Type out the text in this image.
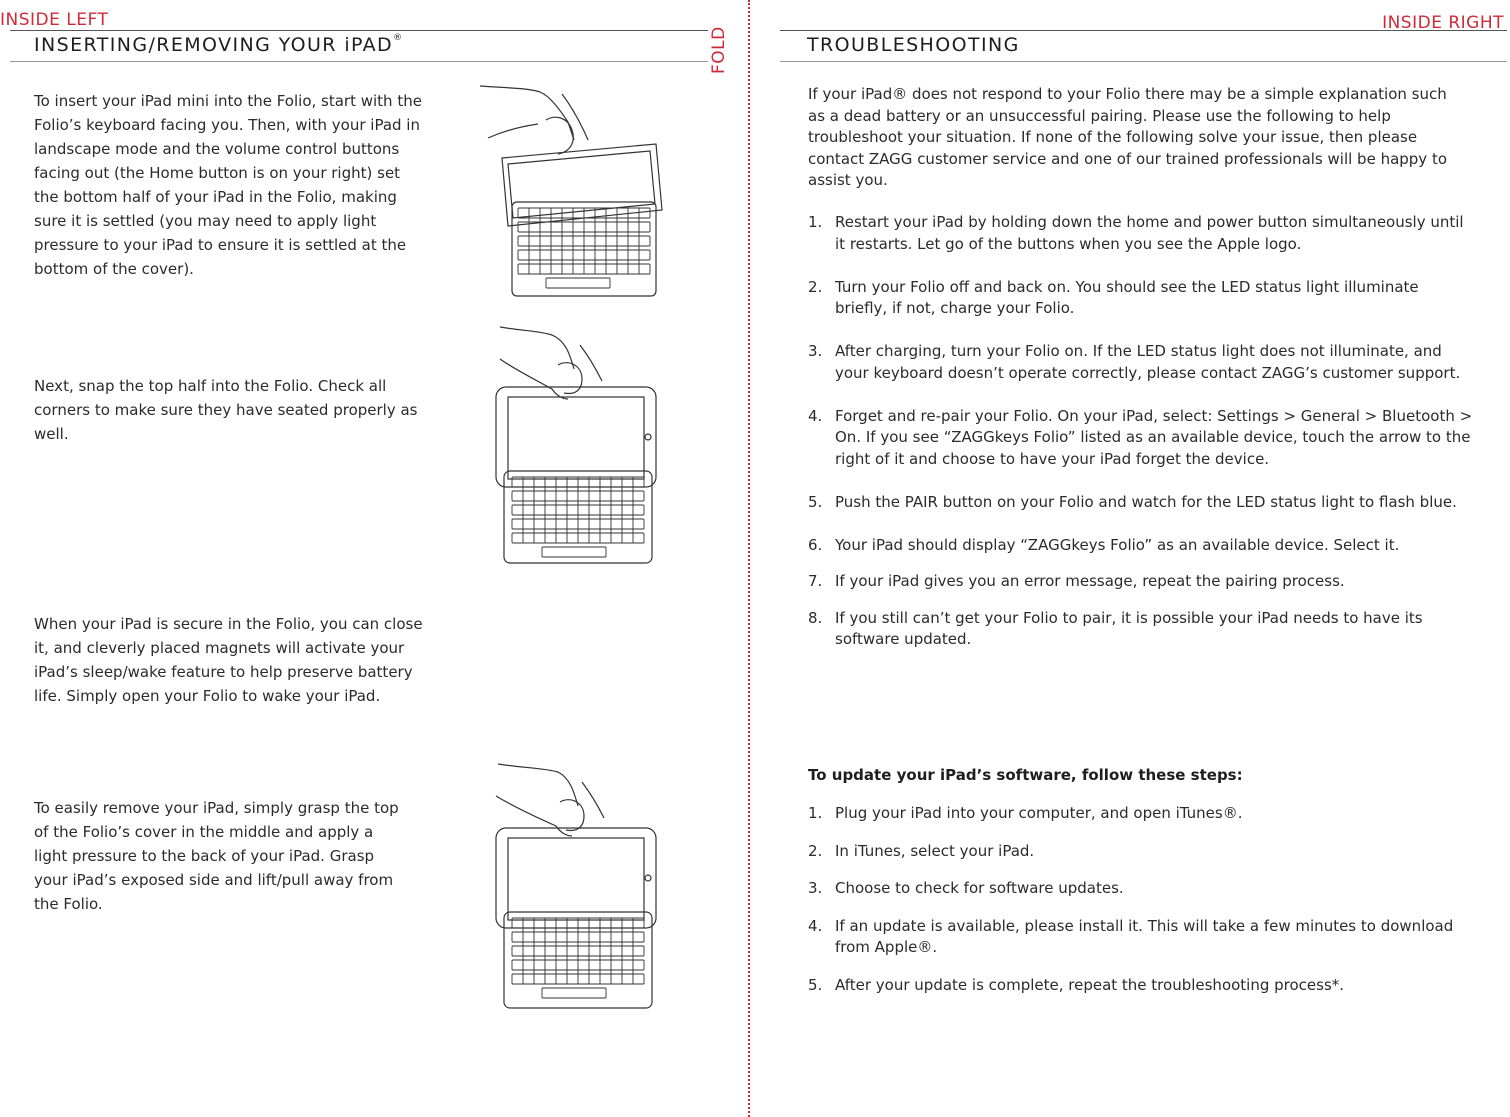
INSIDE LEFT	INSIDE RIGHT
FOLD
INSERTING/REMOVING YOUR iPAD®

To insert your iPad mini into the Folio, start with the Folio’s keyboard facing you. Then, with your iPad in landscape mode and the volume control buttons facing out (the Home button is on your right) set the bottom half of your iPad in the Folio, making sure it is settled (you may need to apply light pressure to your iPad to ensure it is settled at the bottom of the cover).

Next, snap the top half into the Folio. Check all corners to make sure they have seated properly as well.

When your iPad is secure in the Folio, you can close it, and cleverly placed magnets will activate your iPad’s sleep/wake feature to help preserve battery life. Simply open your Folio to wake your iPad.

To easily remove your iPad, simply grasp the top of the Folio’s cover in the middle and apply a light pressure to the back of your iPad. Grasp your iPad’s exposed side and lift/pull away from the Folio.

TROUBLESHOOTING

If your iPad® does not respond to your Folio there may be a simple explanation such as a dead battery or an unsuccessful pairing. Please use the following to help troubleshoot your situation. If none of the following solve your issue, then please contact ZAGG customer service and one of our trained professionals will be happy to assist you.

1. Restart your iPad by holding down the home and power button simultaneously until it restarts. Let go of the buttons when you see the Apple logo.
2. Turn your Folio off and back on. You should see the LED status light illuminate briefly, if not, charge your Folio.
3. After charging, turn your Folio on. If the LED status light does not illuminate, and your keyboard doesn’t operate correctly, please contact ZAGG’s customer support.
4. Forget and re-pair your Folio. On your iPad, select: Settings > General > Bluetooth > On. If you see “ZAGGkeys Folio” listed as an available device, touch the arrow to the right of it and choose to have your iPad forget the device.
5. Push the PAIR button on your Folio and watch for the LED status light to flash blue.
6. Your iPad should display “ZAGGkeys Folio” as an available device. Select it.
7. If your iPad gives you an error message, repeat the pairing process.
8. If you still can’t get your Folio to pair, it is possible your iPad needs to have its software updated.

To update your iPad’s software, follow these steps:

1. Plug your iPad into your computer, and open iTunes®.
2. In iTunes, select your iPad.
3. Choose to check for software updates.
4. If an update is available, please install it. This will take a few minutes to download from Apple®.
5. After your update is complete, repeat the troubleshooting process*.
